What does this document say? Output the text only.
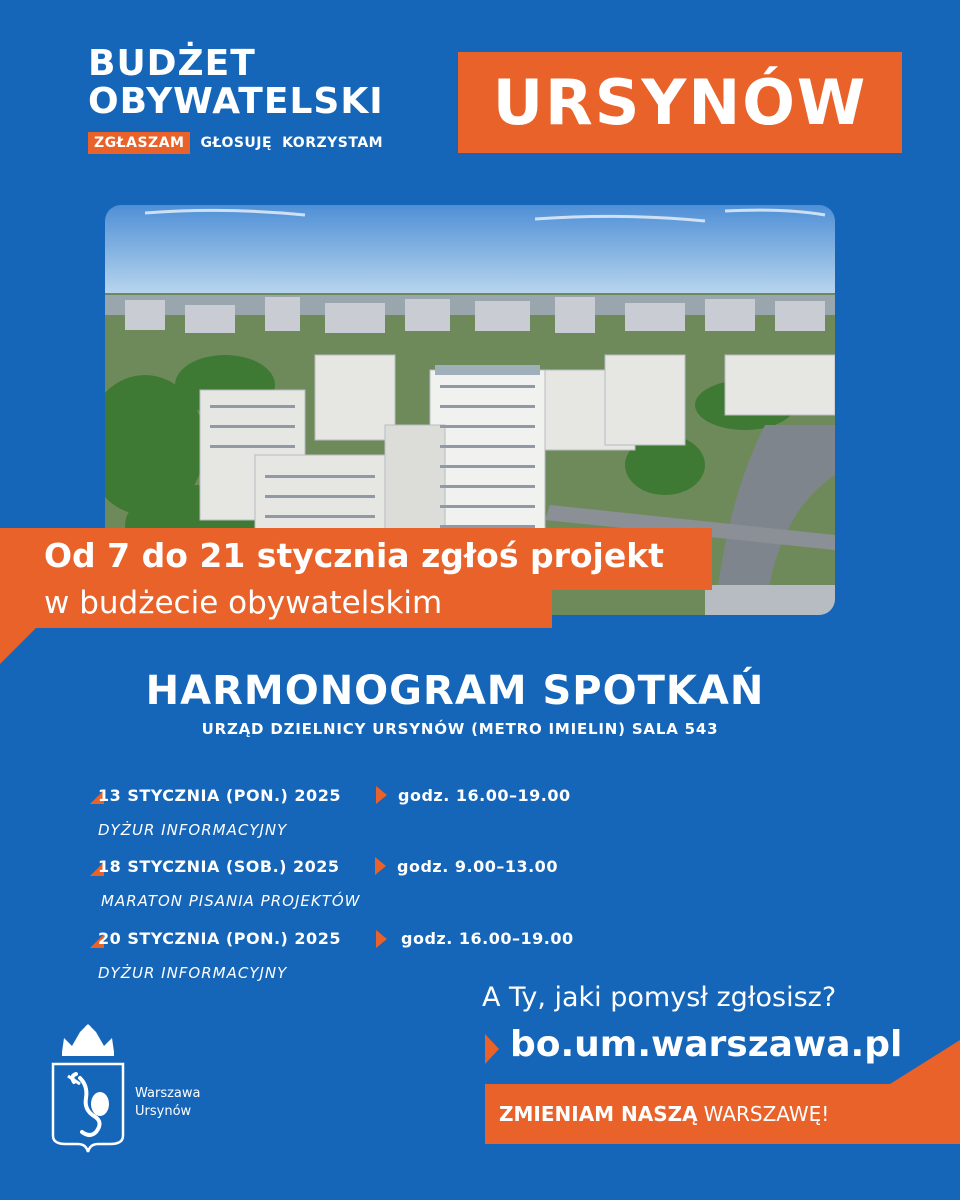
BUDŻET
OBYWATELSKI
ZGŁASZAM	GŁOSUJĘ KORZYSTAM
URSYNÓW
Od 7 do 21 stycznia zgłoś projekt
w budżecie obywatelskim
HARMONOGRAM SPOTKAŃ
URZĄD DZIELNICY URSYNÓW (METRO IMIELIN) SALA 543
13 STYCZNIA (PON.) 2025	godz. 16.00–19.00
DYŻUR INFORMACYJNY
18 STYCZNIA (SOB.) 2025	godz. 9.00–13.00
MARATON PISANIA PROJEKTÓW
20 STYCZNIA (PON.) 2025	godz. 16.00–19.00
DYŻUR INFORMACYJNY
A Ty, jaki pomysł zgłosisz?
bo.um.warszawa.pl
ZMIENIAM NASZĄ WARSZAWĘ!
Warszawa
Ursynów
